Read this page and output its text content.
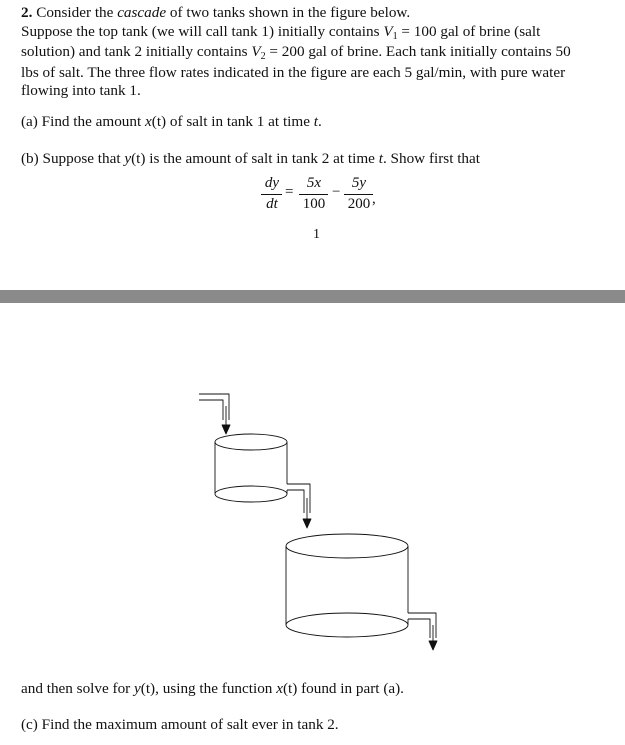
2. Consider the cascade of two tanks shown in the figure below.
Suppose the top tank (we will call tank 1) initially contains V1 = 100 gal of brine (salt
solution) and tank 2 initially contains V2 = 200 gal of brine. Each tank initially contains 50
lbs of salt. The three flow rates indicated in the figure are each 5 gal/min, with pure water
flowing into tank 1.
(a) Find the amount x(t) of salt in tank 1 at time t.
(b) Suppose that y(t) is the amount of salt in tank 2 at time t. Show first that
dy
dt
=
5x
100
−
5y
200 ,
1
and then solve for y(t), using the function x(t) found in part (a).
(c) Find the maximum amount of salt ever in tank 2.
